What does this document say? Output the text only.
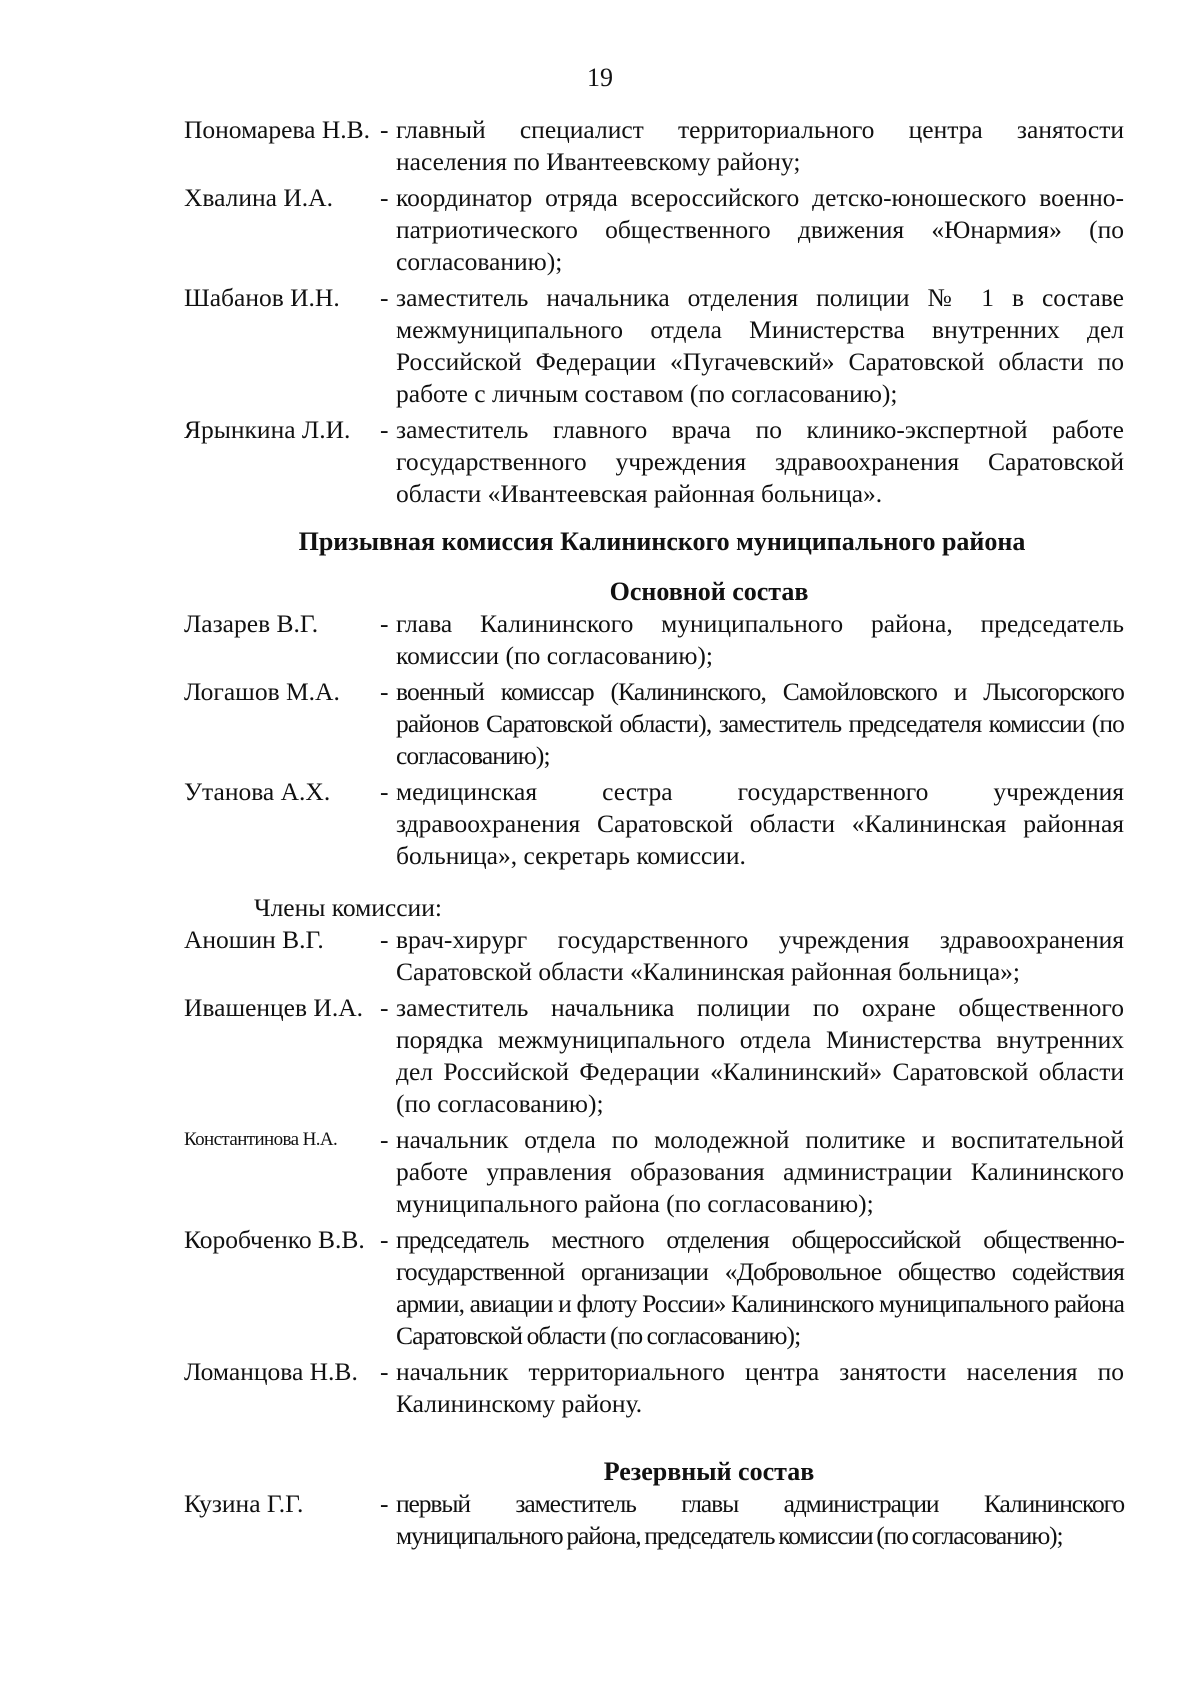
19
Пономарева Н.В. - главный специалист территориального центра занятости населения по Ивантеевскому району;
Хвалина И.А.	- координатор отряда всероссийского детско-юношеского военно-патриотического общественного движения «Юнармия» (по согласованию);
Шабанов И.Н.	- заместитель начальника отделения полиции № 1 в составе межмуниципального отдела Министерства внутренних дел Российской Федерации «Пугачевский» Саратовской области по работе с личным составом (по согласованию);
Ярынкина Л.И.	- заместитель главного врача по клинико-экспертной работе государственного учреждения здравоохранения Саратовской области «Ивантеевская районная больница».
Призывная комиссия Калининского муниципального района
Основной состав
Лазарев В.Г.	- глава Калининского муниципального района, председатель комиссии (по согласованию);
Логашов М.А.	- военный комиссар (Калининского, Самойловского и Лысогорского районов Саратовской области), заместитель председателя комиссии (по согласованию);
Утанова А.Х.	- медицинская сестра государственного учреждения здравоохранения Саратовской области «Калининская районная больница», секретарь комиссии.
Члены комиссии:
Аношин В.Г.	- врач-хирург государственного учреждения здравоохранения Саратовской области «Калининская районная больница»;
Ивашенцев И.А. - заместитель начальника полиции по охране общественного порядка межмуниципального отдела Министерства внутренних дел Российской Федерации «Калининский» Саратовской области (по согласованию);
Константинова Н.А.	- начальник отдела по молодежной политике и воспитательной работе управления образования администрации Калининского муниципального района (по согласованию);
Коробченко В.В. - председатель местного отделения общероссийской общественно-государственной организации «Добровольное общество содействия армии, авиации и флоту России» Калининского муниципального района Саратовской области (по согласованию);
Ломанцова Н.В. - начальник территориального центра занятости населения по Калининскому району.
Резервный состав
Кузина Г.Г.	- первый заместитель главы администрации Калининского муниципального района, председатель комиссии (по согласованию);
